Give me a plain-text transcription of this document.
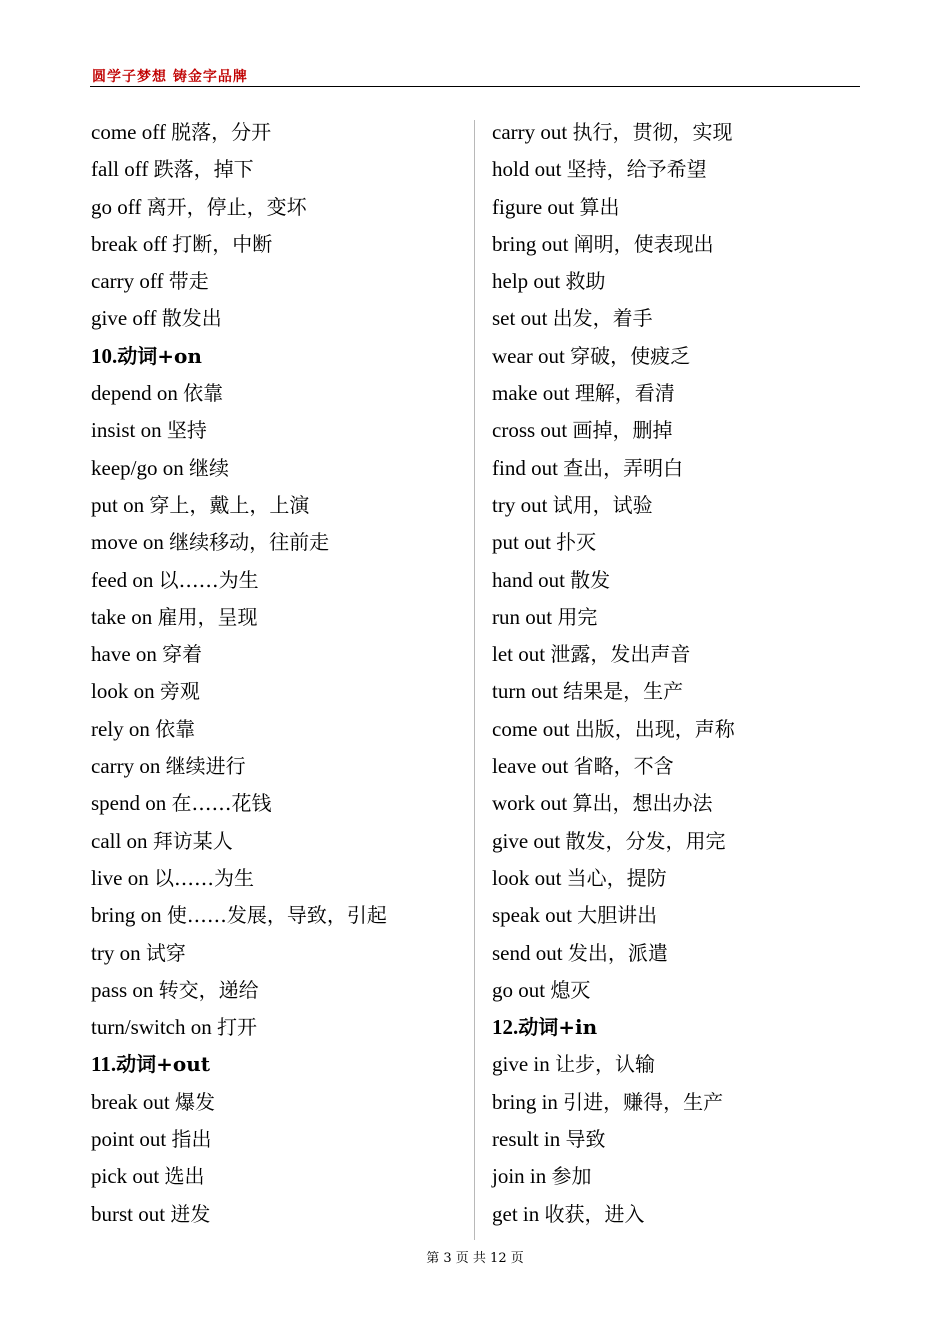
圆学子梦想 铸金字品牌
come off 脱落，分开
fall off 跌落，掉下
go off 离开，停止，变坏
break off 打断，中断
carry off 带走
give off 散发出
10.动词+on
depend on 依靠
insist on 坚持
keep/go on 继续
put on 穿上，戴上，上演
move on 继续移动，往前走
feed on 以……为生
take on 雇用，呈现
have on 穿着
look on 旁观
rely on 依靠
carry on 继续进行
spend on 在……花钱
call on 拜访某人
live on 以……为生
bring on 使……发展，导致，引起
try on 试穿
pass on 转交，递给
turn/switch on 打开
11.动词+out
break out 爆发
point out 指出
pick out 选出
burst out 迸发
carry out 执行，贯彻，实现
hold out 坚持，给予希望
figure out 算出
bring out 阐明，使表现出
help out 救助
set out 出发，着手
wear out 穿破，使疲乏
make out 理解，看清
cross out 画掉，删掉
find out 查出，弄明白
try out 试用，试验
put out 扑灭
hand out 散发
run out 用完
let out 泄露，发出声音
turn out 结果是，生产
come out 出版，出现，声称
leave out 省略，不含
work out 算出，想出办法
give out 散发，分发，用完
look out 当心，提防
speak out 大胆讲出
send out 发出，派遣
go out 熄灭
12.动词+in
give in 让步，认输
bring in 引进，赚得，生产
result in 导致
join in 参加
get in 收获，进入
第 3 页 共 12 页
